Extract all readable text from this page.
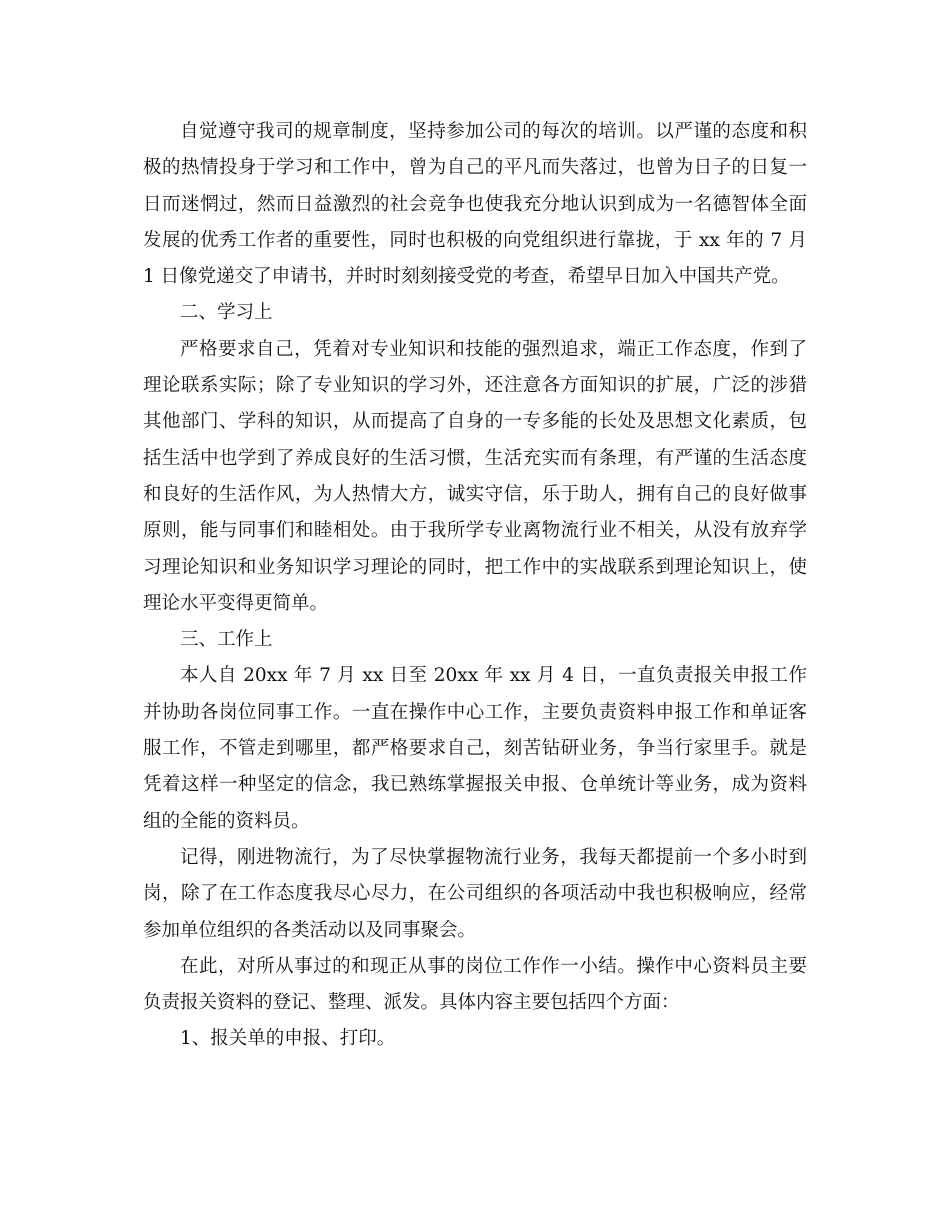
自觉遵守我司的规章制度，坚持参加公司的每次的培训。以严谨的态度和积极的热情投身于学习和工作中，曾为自己的平凡而失落过，也曾为日子的日复一日而迷惘过，然而日益激烈的社会竞争也使我充分地认识到成为一名德智体全面发展的优秀工作者的重要性，同时也积极的向党组织进行靠拢，于 xx 年的 7 月 1 日像党递交了申请书，并时时刻刻接受党的考查，希望早日加入中国共产党。

二、学习上

严格要求自己，凭着对专业知识和技能的强烈追求，端正工作态度，作到了理论联系实际；除了专业知识的学习外，还注意各方面知识的扩展，广泛的涉猎其他部门、学科的知识，从而提高了自身的一专多能的长处及思想文化素质，包括生活中也学到了养成良好的生活习惯，生活充实而有条理，有严谨的生活态度和良好的生活作风，为人热情大方，诚实守信，乐于助人，拥有自己的良好做事原则，能与同事们和睦相处。由于我所学专业离物流行业不相关，从没有放弃学习理论知识和业务知识学习理论的同时，把工作中的实战联系到理论知识上，使理论水平变得更简单。

三、工作上

本人自 20xx 年 7 月 xx 日至 20xx 年 xx 月 4 日，一直负责报关申报工作并协助各岗位同事工作。一直在操作中心工作，主要负责资料申报工作和单证客服工作，不管走到哪里，都严格要求自己，刻苦钻研业务，争当行家里手。就是凭着这样一种坚定的信念，我已熟练掌握报关申报、仓单统计等业务，成为资料组的全能的资料员。

记得，刚进物流行，为了尽快掌握物流行业务，我每天都提前一个多小时到岗，除了在工作态度我尽心尽力，在公司组织的各项活动中我也积极响应，经常参加单位组织的各类活动以及同事聚会。

在此，对所从事过的和现正从事的岗位工作作一小结。操作中心资料员主要负责报关资料的登记、整理、派发。具体内容主要包括四个方面：

1、报关单的申报、打印。
